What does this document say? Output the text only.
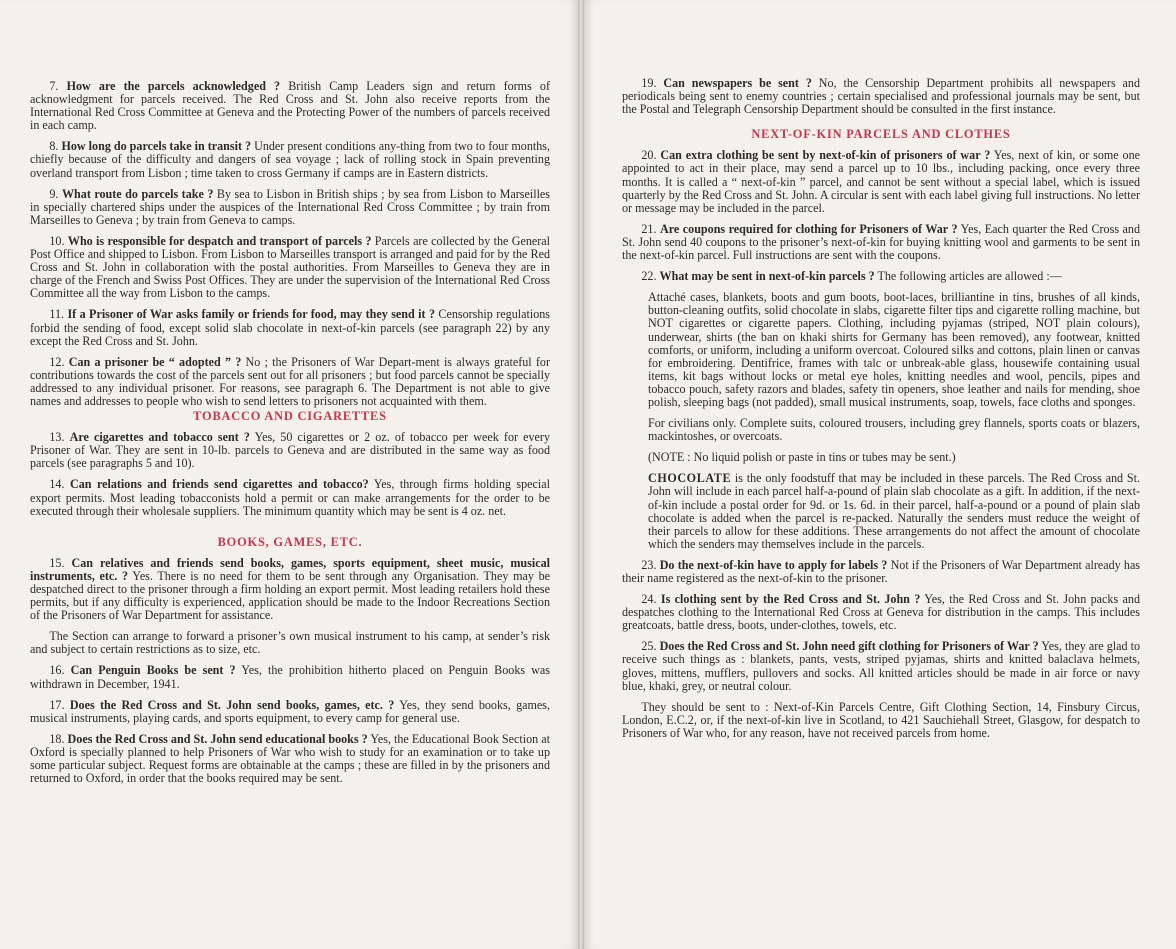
7. How are the parcels acknowledged ? British Camp Leaders sign and return forms of acknowledgment for parcels received. The Red Cross and St. John also receive reports from the International Red Cross Committee at Geneva and the Protecting Power of the numbers of parcels received in each camp.

8. How long do parcels take in transit ? Under present conditions any-thing from two to four months, chiefly because of the difficulty and dangers of sea voyage ; lack of rolling stock in Spain preventing overland transport from Lisbon ; time taken to cross Germany if camps are in Eastern districts.

9. What route do parcels take ? By sea to Lisbon in British ships ; by sea from Lisbon to Marseilles in specially chartered ships under the auspices of the International Red Cross Committee ; by train from Marseilles to Geneva ; by train from Geneva to camps.

10. Who is responsible for despatch and transport of parcels ? Parcels are collected by the General Post Office and shipped to Lisbon. From Lisbon to Marseilles transport is arranged and paid for by the Red Cross and St. John in collaboration with the postal authorities. From Marseilles to Geneva they are in charge of the French and Swiss Post Offices. They are under the supervision of the International Red Cross Committee all the way from Lisbon to the camps.

11. If a Prisoner of War asks family or friends for food, may they send it ? Censorship regulations forbid the sending of food, except solid slab chocolate in next-of-kin parcels (see paragraph 22) by any except the Red Cross and St. John.

12. Can a prisoner be “ adopted ” ? No ; the Prisoners of War Depart-ment is always grateful for contributions towards the cost of the parcels sent out for all prisoners ; but food parcels cannot be specially addressed to any individual prisoner. For reasons, see paragraph 6. The Department is not able to give names and addresses to people who wish to send letters to prisoners not acquainted with them.

TOBACCO AND CIGARETTES

13. Are cigarettes and tobacco sent ? Yes, 50 cigarettes or 2 oz. of tobacco per week for every Prisoner of War. They are sent in 10-lb. parcels to Geneva and are distributed in the same way as food parcels (see paragraphs 5 and 10).

14. Can relations and friends send cigarettes and tobacco? Yes, through firms holding special export permits. Most leading tobacconists hold a permit or can make arrangements for the order to be executed through their wholesale suppliers. The minimum quantity which may be sent is 4 oz. net.

BOOKS, GAMES, ETC.

15. Can relatives and friends send books, games, sports equipment, sheet music, musical instruments, etc. ? Yes. There is no need for them to be sent through any Organisation. They may be despatched direct to the prisoner through a firm holding an export permit. Most leading retailers hold these permits, but if any difficulty is experienced, application should be made to the Indoor Recreations Section of the Prisoners of War Department for assistance.

The Section can arrange to forward a prisoner’s own musical instrument to his camp, at sender’s risk and subject to certain restrictions as to size, etc.

16. Can Penguin Books be sent ? Yes, the prohibition hitherto placed on Penguin Books was withdrawn in December, 1941.

17. Does the Red Cross and St. John send books, games, etc. ? Yes, they send books, games, musical instruments, playing cards, and sports equipment, to every camp for general use.

18. Does the Red Cross and St. John send educational books ? Yes, the Educational Book Section at Oxford is specially planned to help Prisoners of War who wish to study for an examination or to take up some particular subject. Request forms are obtainable at the camps ; these are filled in by the prisoners and returned to Oxford, in order that the books required may be sent.

19. Can newspapers be sent ? No, the Censorship Department prohibits all newspapers and periodicals being sent to enemy countries ; certain specialised and professional journals may be sent, but the Postal and Telegraph Censorship Department should be consulted in the first instance.

NEXT-OF-KIN PARCELS AND CLOTHES

20. Can extra clothing be sent by next-of-kin of prisoners of war ? Yes, next of kin, or some one appointed to act in their place, may send a parcel up to 10 lbs., including packing, once every three months. It is called a “ next-of-kin ” parcel, and cannot be sent without a special label, which is issued quarterly by the Red Cross and St. John. A circular is sent with each label giving full instructions. No letter or message may be included in the parcel.

21. Are coupons required for clothing for Prisoners of War ? Yes, Each quarter the Red Cross and St. John send 40 coupons to the prisoner’s next-of-kin for buying knitting wool and garments to be sent in the next-of-kin parcel. Full instructions are sent with the coupons.

22. What may be sent in next-of-kin parcels ? The following articles are allowed :—

Attaché cases, blankets, boots and gum boots, boot-laces, brilliantine in tins, brushes of all kinds, button-cleaning outfits, solid chocolate in slabs, cigarette filter tips and cigarette rolling machine, but NOT cigarettes or cigarette papers. Clothing, including pyjamas (striped, NOT plain colours), underwear, shirts (the ban on khaki shirts for Germany has been removed), any footwear, knitted comforts, or uniform, including a uniform overcoat. Coloured silks and cottons, plain linen or canvas for embroidering. Dentifrice, frames with talc or unbreak-able glass, housewife containing usual items, kit bags without locks or metal eye holes, knitting needles and wool, pencils, pipes and tobacco pouch, safety razors and blades, safety tin openers, shoe leather and nails for mending, shoe polish, sleeping bags (not padded), small musical instruments, soap, towels, face cloths and sponges.

For civilians only. Complete suits, coloured trousers, including grey flannels, sports coats or blazers, mackintoshes, or overcoats.

(NOTE : No liquid polish or paste in tins or tubes may be sent.)

CHOCOLATE is the only foodstuff that may be included in these parcels. The Red Cross and St. John will include in each parcel half-a-pound of plain slab chocolate as a gift. In addition, if the next-of-kin include a postal order for 9d. or 1s. 6d. in their parcel, half-a-pound or a pound of plain slab chocolate is added when the parcel is re-packed. Naturally the senders must reduce the weight of their parcels to allow for these additions. These arrangements do not affect the amount of chocolate which the senders may themselves include in the parcels.

23. Do the next-of-kin have to apply for labels ? Not if the Prisoners of War Department already has their name registered as the next-of-kin to the prisoner.

24. Is clothing sent by the Red Cross and St. John ? Yes, the Red Cross and St. John packs and despatches clothing to the International Red Cross at Geneva for distribution in the camps. This includes greatcoats, battle dress, boots, under-clothes, towels, etc.

25. Does the Red Cross and St. John need gift clothing for Prisoners of War ? Yes, they are glad to receive such things as : blankets, pants, vests, striped pyjamas, shirts and knitted balaclava helmets, gloves, mittens, mufflers, pullovers and socks. All knitted articles should be made in air force or navy blue, khaki, grey, or neutral colour.

They should be sent to : Next-of-Kin Parcels Centre, Gift Clothing Section, 14, Finsbury Circus, London, E.C.2, or, if the next-of-kin live in Scotland, to 421 Sauchiehall Street, Glasgow, for despatch to Prisoners of War who, for any reason, have not received parcels from home.
